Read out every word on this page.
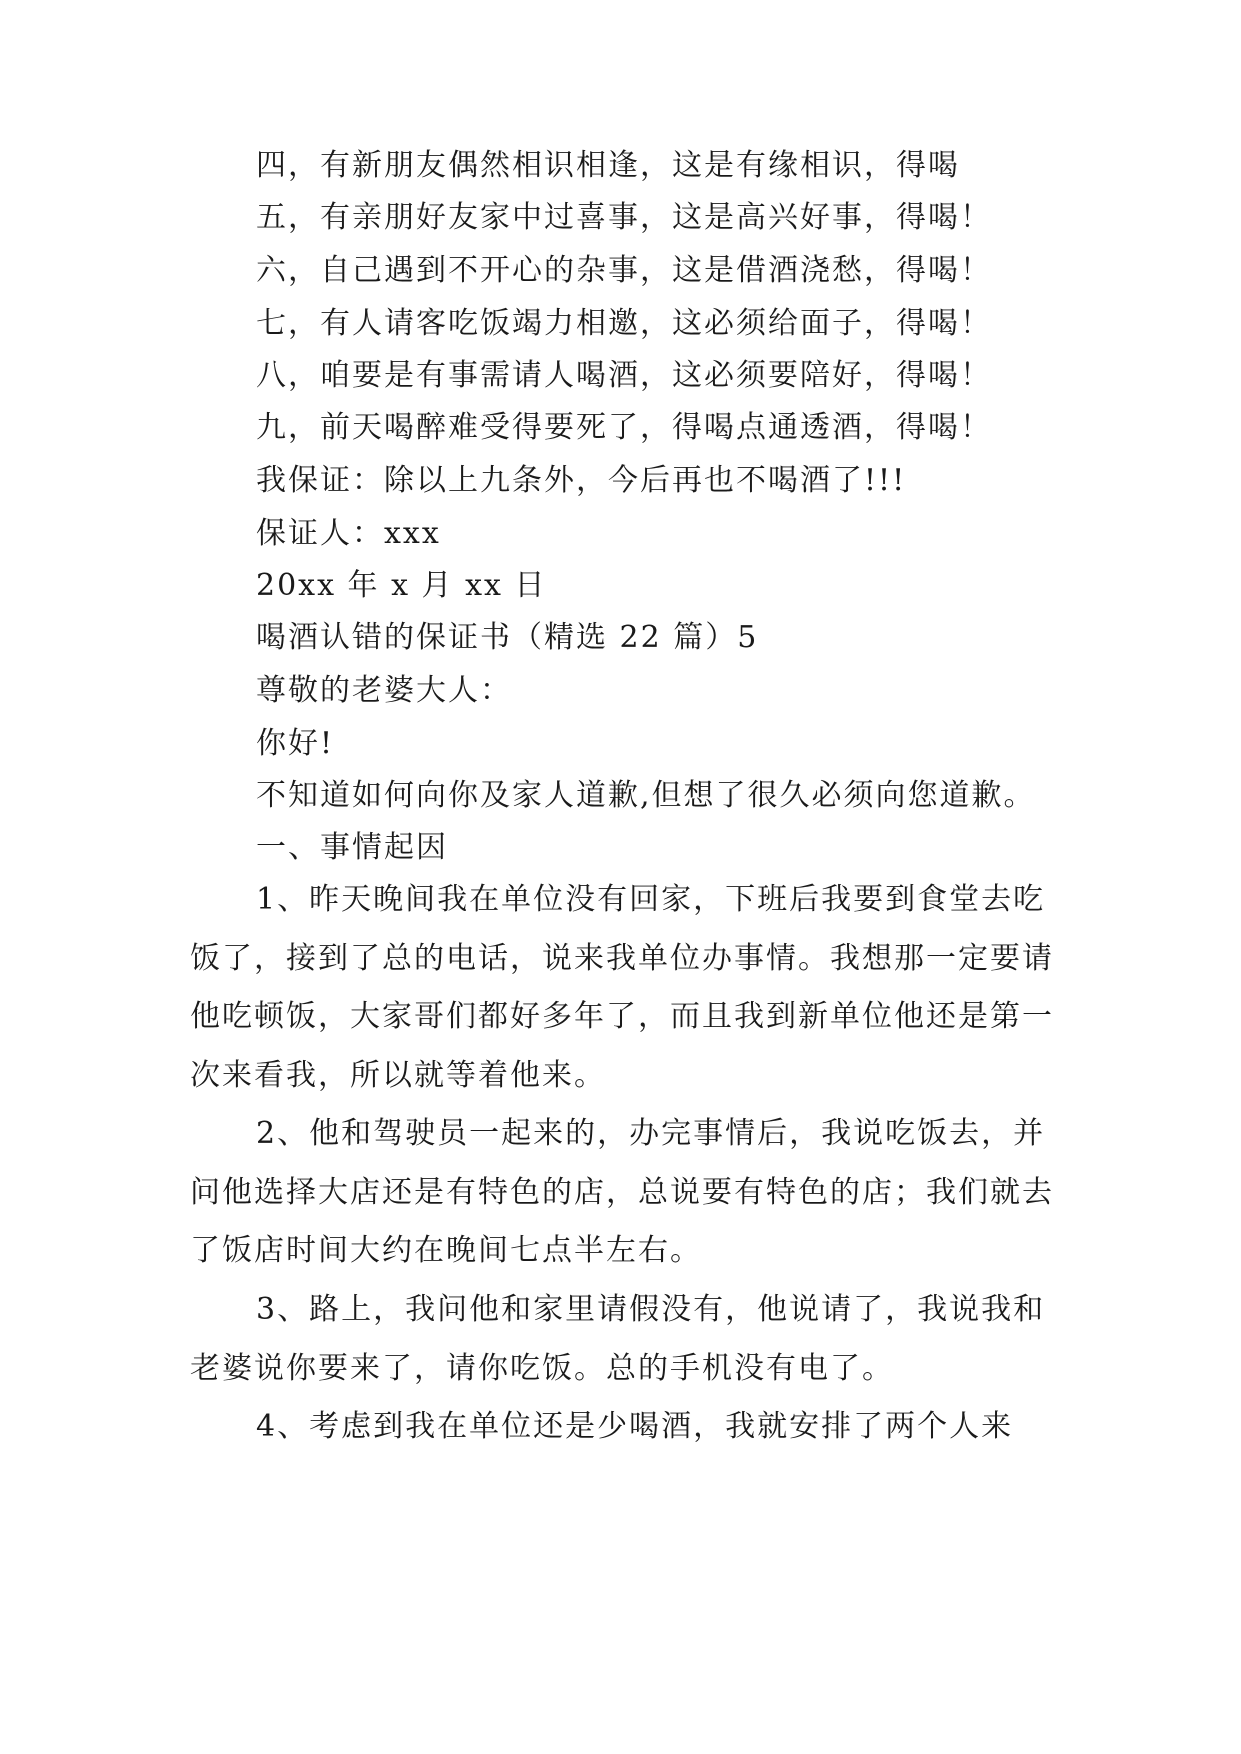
四，有新朋友偶然相识相逢，这是有缘相识，得喝
五，有亲朋好友家中过喜事，这是高兴好事，得喝！
六，自己遇到不开心的杂事，这是借酒浇愁，得喝！
七，有人请客吃饭竭力相邀，这必须给面子，得喝！
八，咱要是有事需请人喝酒，这必须要陪好，得喝！
九，前天喝醉难受得要死了，得喝点通透酒，得喝！
我保证：除以上九条外，今后再也不喝酒了!!!
保证人：xxx
20xx 年 x 月 xx 日
喝酒认错的保证书（精选 22 篇）5
尊敬的老婆大人：
你好!
不知道如何向你及家人道歉,但想了很久必须向您道歉。
一、事情起因

1、昨天晚间我在单位没有回家，下班后我要到食堂去吃饭了，接到了总的电话，说来我单位办事情。我想那一定要请他吃顿饭，大家哥们都好多年了，而且我到新单位他还是第一次来看我，所以就等着他来。

2、他和驾驶员一起来的，办完事情后，我说吃饭去，并问他选择大店还是有特色的店，总说要有特色的店；我们就去了饭店时间大约在晚间七点半左右。

3、路上，我问他和家里请假没有，他说请了，我说我和老婆说你要来了，请你吃饭。总的手机没有电了。

4、考虑到我在单位还是少喝酒，我就安排了两个人来
